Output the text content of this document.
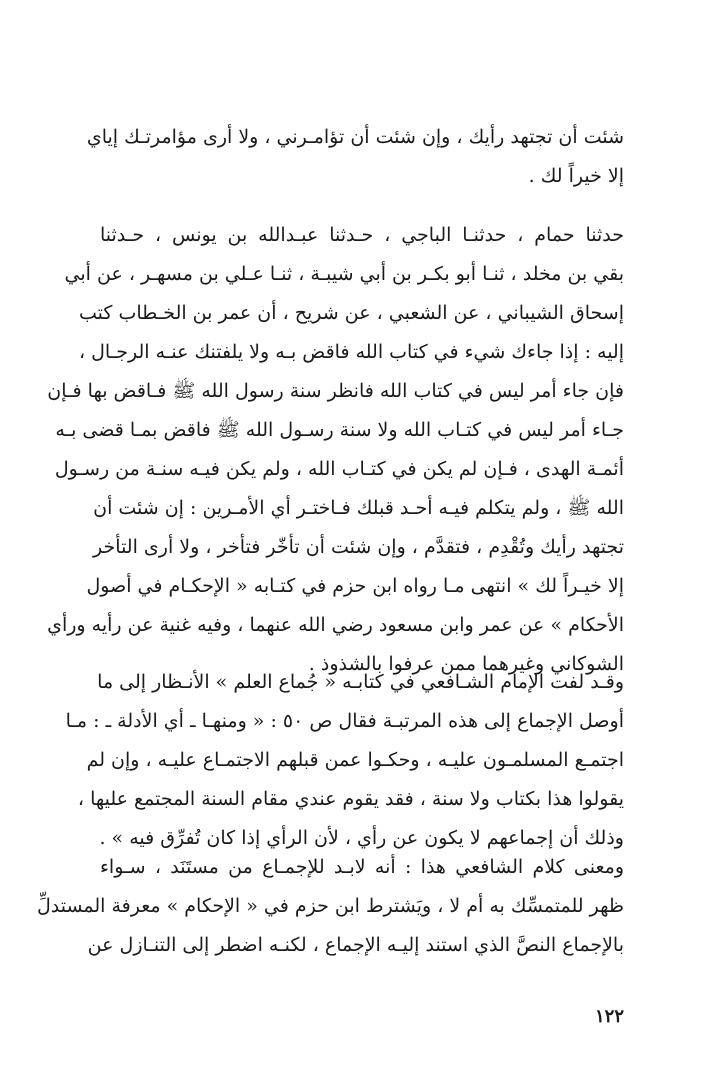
شئت أن تجتهد رأيك ، وإن شئت أن تؤامـرني ، ولا أرى مؤامرتـك إياي
إلا خيراً لك .
حدثنا حمام ، حدثنـا الباجي ، حـدثنا عبـدالله بن يونس ، حـدثنا
بقي بن مخلد ، ثنـا أبو بكـر بن أبي شيبـة ، ثنـا عـلي بن مسهـر ، عن أبي
إسحاق الشيباني ، عن الشعبي ، عن شريح ، أن عمر بن الخـطاب كتب
إليه : إذا جاءك شيء في كتاب الله فاقض بـه ولا يلفتنك عنـه الرجـال ،
فإن جاء أمر ليس في كتاب الله فانظر سنة رسول الله ﷺ فـاقض بها فـإن
جـاء أمر ليس في كتـاب الله ولا سنة رسـول الله ﷺ فاقض بمـا قضى بـه
أئمـة الهدى ، فـإن لم يكن في كتـاب الله ، ولم يكن فيـه سنـة من رسـول
الله ﷺ ، ولم يتكلم فيـه أحـد قبلك فـاختـر أي الأمـرين : إن شئت أن
تجتهد رأيك وتُقْدِم ، فتقدَّم ، وإن شئت أن تأخّر فتأخر ، ولا أرى التأخر
إلا خيـراً لك » انتهى مـا رواه ابن حزم في كتـابه « الإحكـام في أصول
الأحكام » عن عمر وابن مسعود رضي الله عنهما ، وفيه غنية عن رأيه ورأي
الشوكاني وغيرهما ممن عرفوا بالشذوذ .
وقـد لفت الإمام الشـافعي في كتابـه « جُماع العلم » الأنـظار إلى ما
أوصل الإجماع إلى هذه المرتبـة فقال ص ٥٠ : « ومنهـا ـ أي الأدلة ـ : مـا
اجتمـع المسلمـون عليـه ، وحكـوا عمن قبلهم الاجتمـاع عليـه ، وإن لم
يقولوا هذا بكتاب ولا سنة ، فقد يقوم عندي مقام السنة المجتمع عليها ،
وذلك أن إجماعهم لا يكون عن رأي ، لأن الرأي إذا كان تُفرِّق فيه » .
ومعنى كلام الشافعي هذا : أنه لابـد للإجمـاع من مستَنَد ، سـواء
ظهر للمتمسِّك به أم لا ، ويَشترط ابن حزم في « الإحكام » معرفة المستدلِّ
بالإجماع النصَّ الذي استند إليـه الإجماع ، لكنـه اضطر إلى التنـازل عن
١٢٢
